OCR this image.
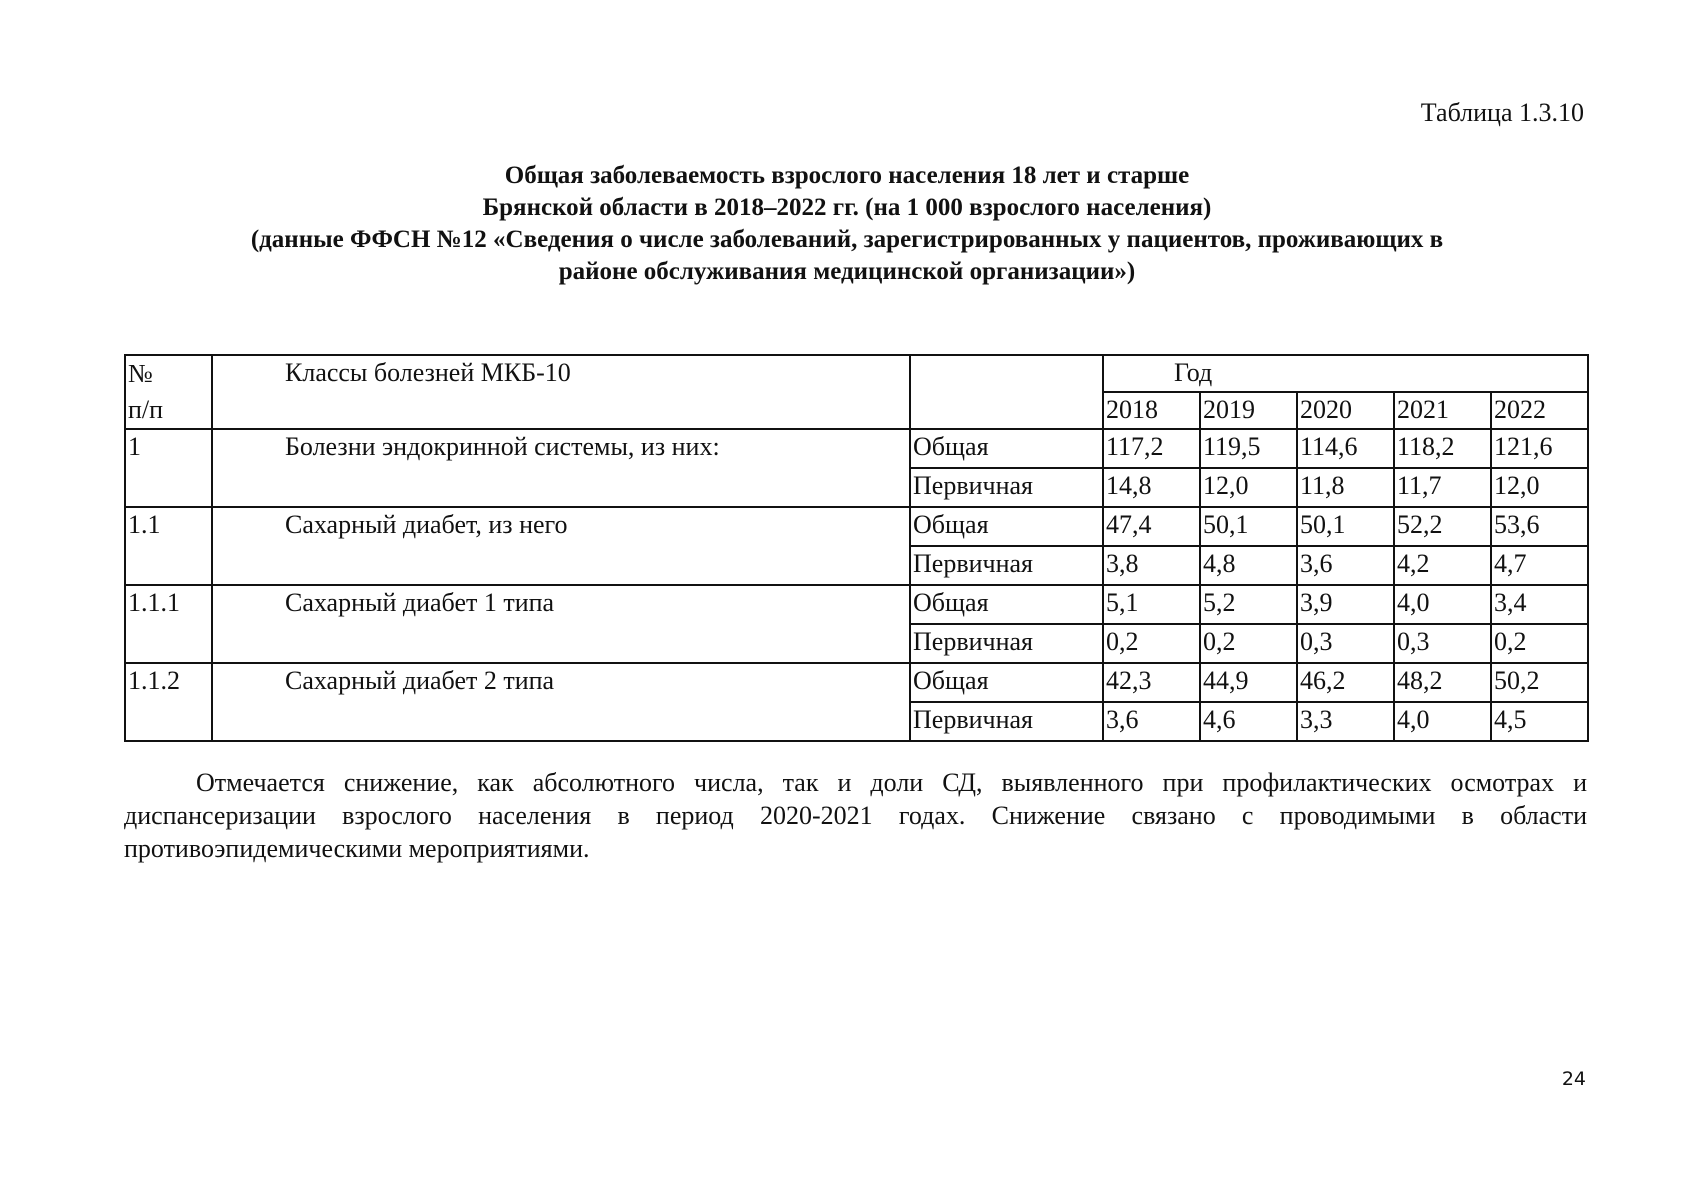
Таблица 1.3.10
Общая заболеваемость взрослого населения 18 лет и старше
Брянской области в 2018–2022 гг. (на 1 000 взрослого населения)
(данные ФФСН №12 «Сведения о числе заболеваний, зарегистрированных у пациентов, проживающих в
районе обслуживания медицинской организации»)
№
п/п	Классы болезней МКБ-10		Год				
			2018	2019	2020	2021	2022
1	Болезни эндокринной системы, из них:	Общая	117,2	119,5	114,6	118,2	121,6
		Первичная	14,8	12,0	11,8	11,7	12,0
1.1	Сахарный диабет, из него	Общая	47,4	50,1	50,1	52,2	53,6
		Первичная	3,8	4,8	3,6	4,2	4,7
1.1.1	Сахарный диабет 1 типа	Общая	5,1	5,2	3,9	4,0	3,4
		Первичная	0,2	0,2	0,3	0,3	0,2
1.1.2	Сахарный диабет 2 типа	Общая	42,3	44,9	46,2	48,2	50,2
		Первичная	3,6	4,6	3,3	4,0	4,5
Отмечается снижение, как абсолютного числа, так и доли СД, выявленного при профилактических осмотрах и диспансеризации взрослого населения в период 2020-2021 годах. Снижение связано с проводимыми в области противоэпидемическими мероприятиями.
24
